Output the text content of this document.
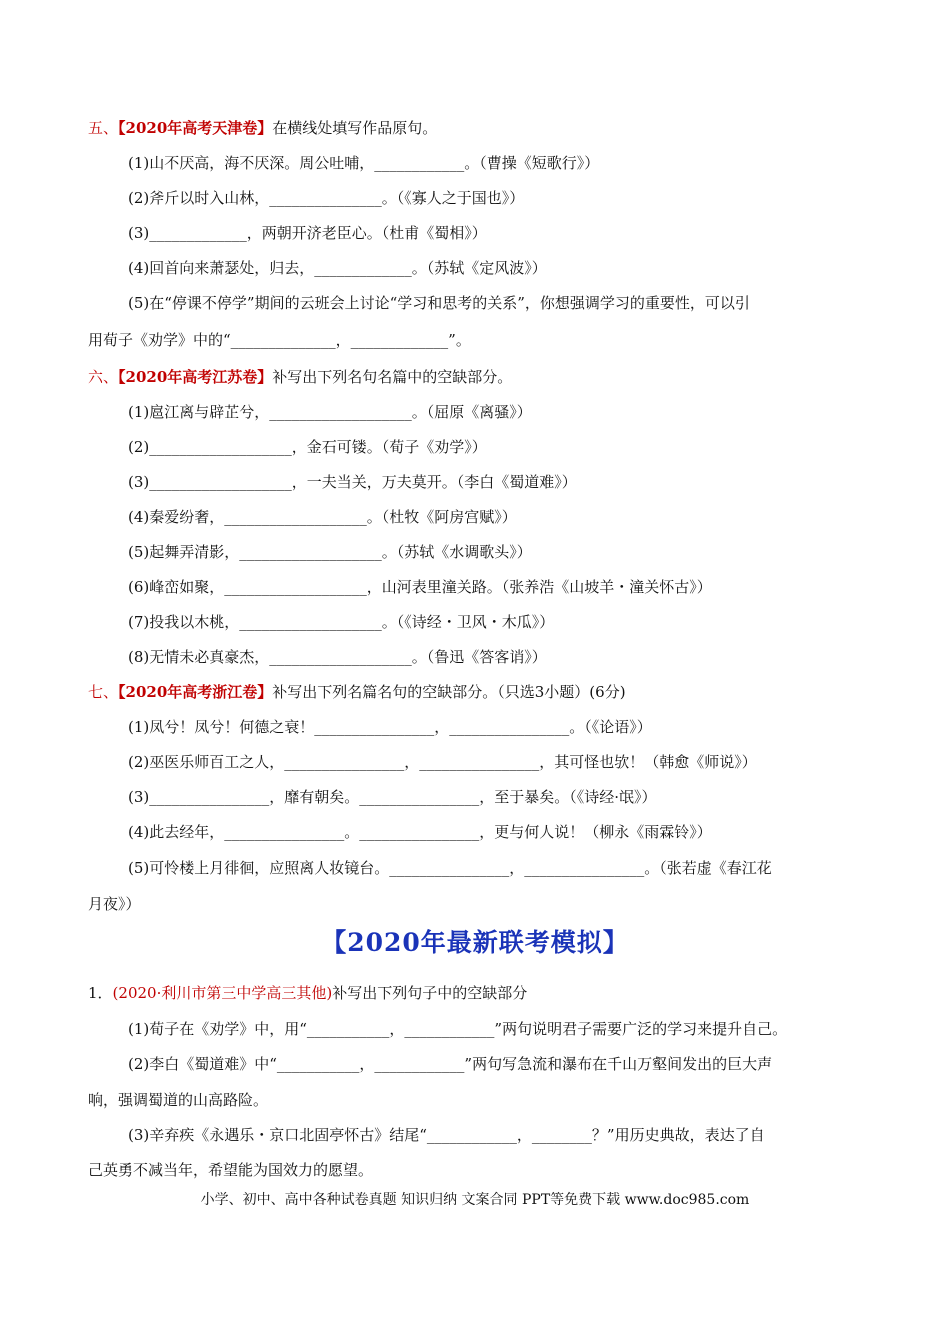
五、【2020年高考天津卷】在横线处填写作品原句。
(1)山不厌高，海不厌深。周公吐哺，____________。（曹操《短歌行》）
(2)斧斤以时入山林，_______________。（《寡人之于国也》）
(3)_____________，两朝开济老臣心。（杜甫《蜀相》）
(4)回首向来萧瑟处，归去，_____________。（苏轼《定风波》）
(5)在“停课不停学”期间的云班会上讨论“学习和思考的关系”，你想强调学习的重要性，可以引
用荀子《劝学》中的“______________，_____________”。
六、【2020年高考江苏卷】补写出下列名句名篇中的空缺部分。
(1)扈江离与辟芷兮，___________________。（屈原《离骚》）
(2)___________________，金石可镂。（荀子《劝学》）
(3)___________________，一夫当关，万夫莫开。（李白《蜀道难》）
(4)秦爱纷奢，___________________。（杜牧《阿房宫赋》）
(5)起舞弄清影，___________________。（苏轼《水调歌头》）
(6)峰峦如聚，___________________，山河表里潼关路。（张养浩《山坡羊・潼关怀古》）
(7)投我以木桃，___________________。（《诗经・卫风・木瓜》）
(8)无情未必真豪杰，___________________。（鲁迅《答客诮》）
七、【2020年高考浙江卷】补写出下列名篇名句的空缺部分。（只选3小题）(6分)
(1)凤兮！凤兮！何德之衰！________________，________________。（《论语》）
(2)巫医乐师百工之人，________________，________________，其可怪也欤！（韩愈《师说》）
(3)________________，靡有朝矣。________________，至于暴矣。（《诗经·氓》）
(4)此去经年，________________。________________，更与何人说！（柳永《雨霖铃》）
(5)可怜楼上月徘徊，应照离人妆镜台。________________，________________。（张若虚《春江花
月夜》）
【2020年最新联考模拟】
1．(2020·利川市第三中学高三其他)补写出下列句子中的空缺部分
(1)荀子在《劝学》中，用“___________，____________”两句说明君子需要广泛的学习来提升自己。
(2)李白《蜀道难》中“___________，____________”两句写急流和瀑布在千山万壑间发出的巨大声
响，强调蜀道的山高路险。
(3)辛弃疾《永遇乐・京口北固亭怀古》结尾“____________，________？”用历史典故，表达了自
己英勇不减当年，希望能为国效力的愿望。
小学、初中、高中各种试卷真题 知识归纳 文案合同 PPT等免费下载 www.doc985.com
